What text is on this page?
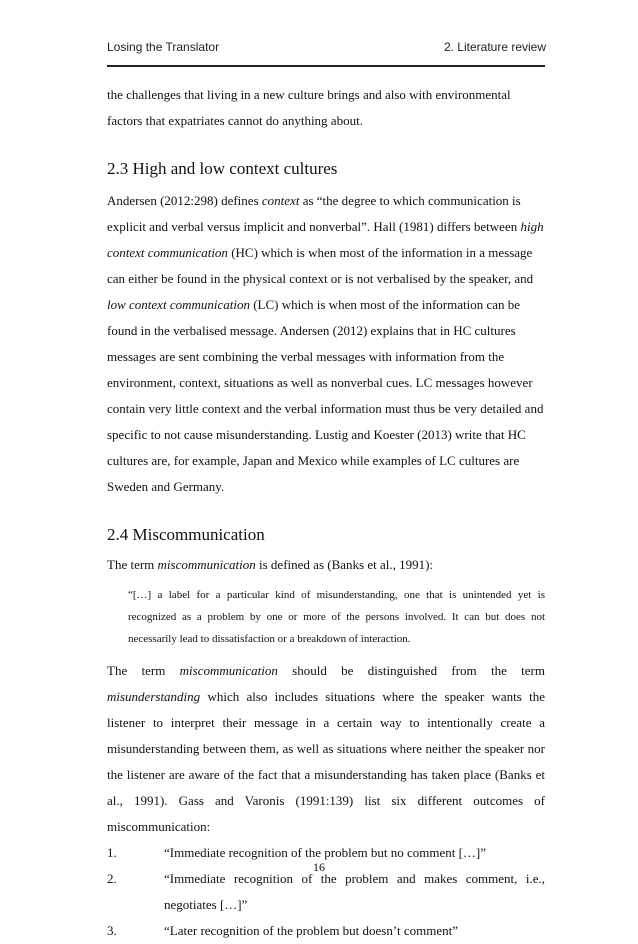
Losing the Translator	2. Literature review

the challenges that living in a new culture brings and also with environmental factors that expatriates cannot do anything about.

2.3 High and low context cultures

Andersen (2012:298) defines context as “the degree to which communication is explicit and verbal versus implicit and nonverbal”. Hall (1981) differs between high context communication (HC) which is when most of the information in a message can either be found in the physical context or is not verbalised by the speaker, and low context communication (LC) which is when most of the information can be found in the verbalised message. Andersen (2012) explains that in HC cultures messages are sent combining the verbal messages with information from the environment, context, situations as well as nonverbal cues. LC messages however contain very little context and the verbal information must thus be very detailed and specific to not cause misunderstanding. Lustig and Koester (2013) write that HC cultures are, for example, Japan and Mexico while examples of LC cultures are Sweden and Germany.

2.4 Miscommunication

The term miscommunication is defined as (Banks et al., 1991):

“[…] a label for a particular kind of misunderstanding, one that is unintended yet is recognized as a problem by one or more of the persons involved. It can but does not necessarily lead to dissatisfaction or a breakdown of interaction.

The term miscommunication should be distinguished from the term misunderstanding which also includes situations where the speaker wants the listener to interpret their message in a certain way to intentionally create a misunderstanding between them, as well as situations where neither the speaker nor the listener are aware of the fact that a misunderstanding has taken place (Banks et al., 1991). Gass and Varonis (1991:139) list six different outcomes of miscommunication:

1.	“Immediate recognition of the problem but no comment […]”
2.	“Immediate recognition of the problem and makes comment, i.e., negotiates […]”
3.	“Later recognition of the problem but doesn’t comment”
16
